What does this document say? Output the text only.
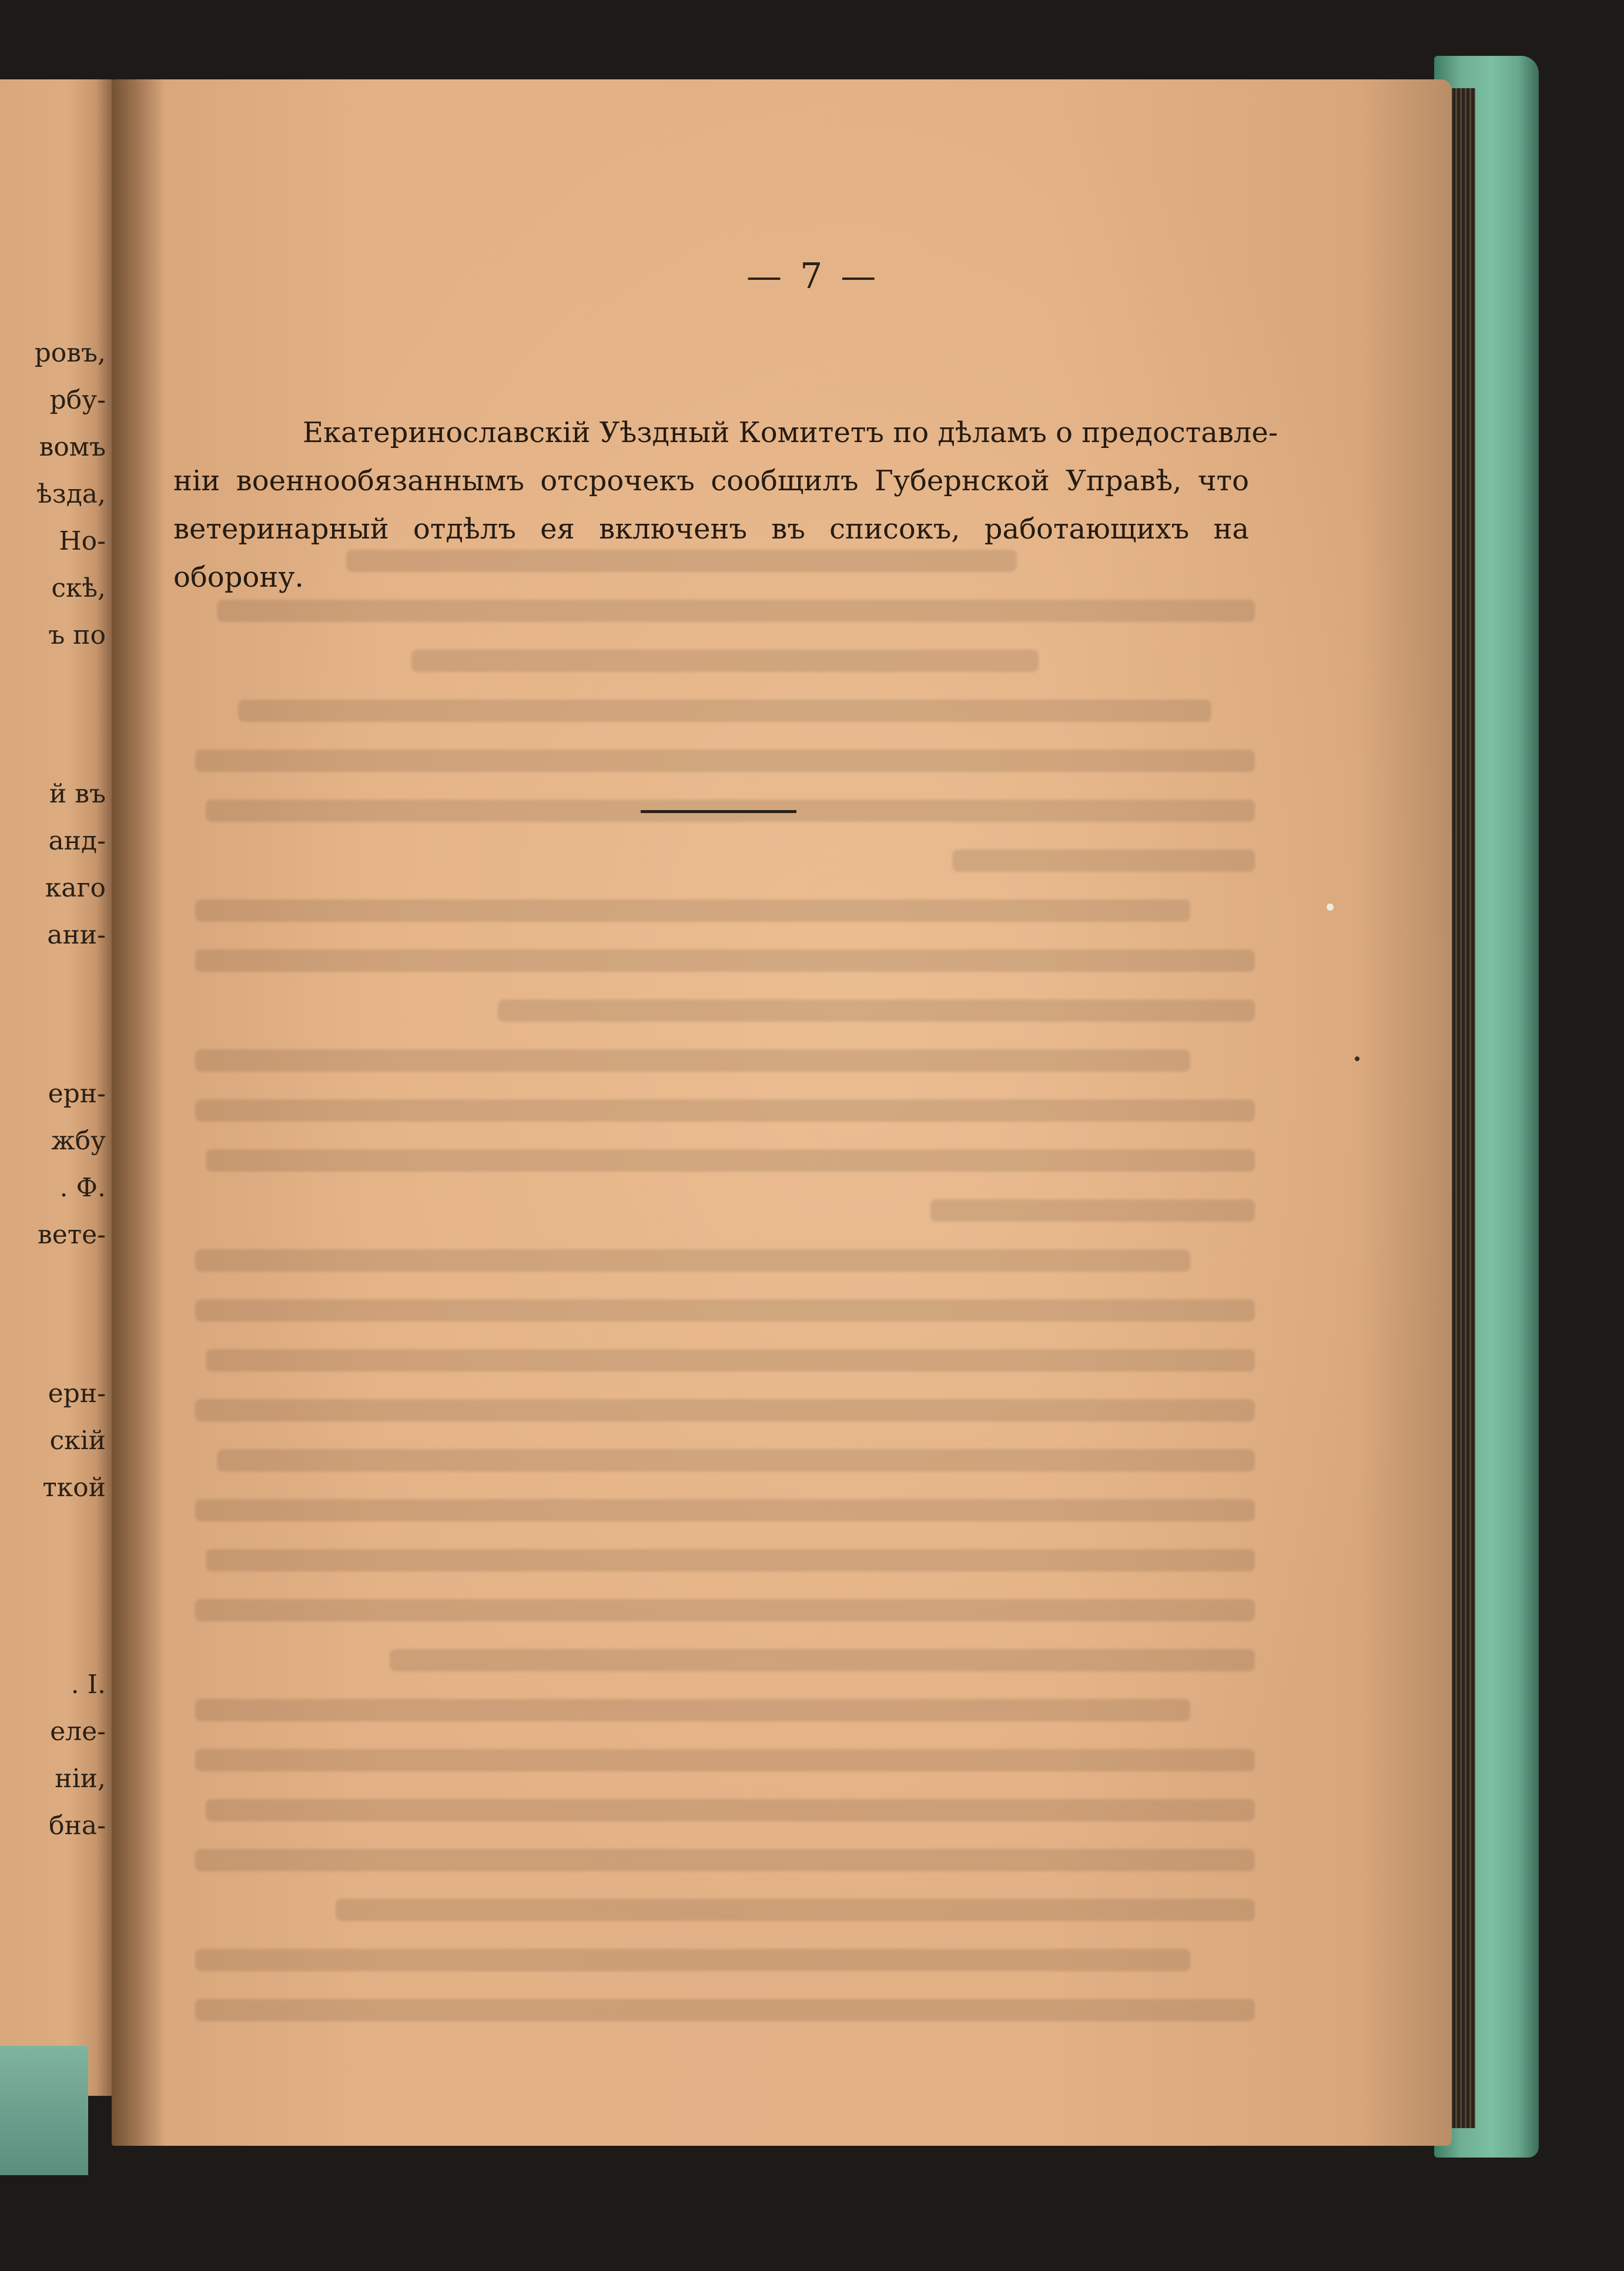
ровъ,
рбу-
вомъ
ѣзда,
Но-
скѣ,
ъ по
й въ
анд-
каго
ани-
ерн-
жбу
. Ф.
вете-
ерн-
скій
ткой
. I.
еле-
ніи,
бна-
— 7 —
Екатеринославскій Уѣздный Комитетъ по дѣламъ о предоставле-
ніи военнообязаннымъ отсрочекъ сообщилъ Губернской Управѣ, что
ветеринарный отдѣлъ ея включенъ въ списокъ, работающихъ на
оборону.
